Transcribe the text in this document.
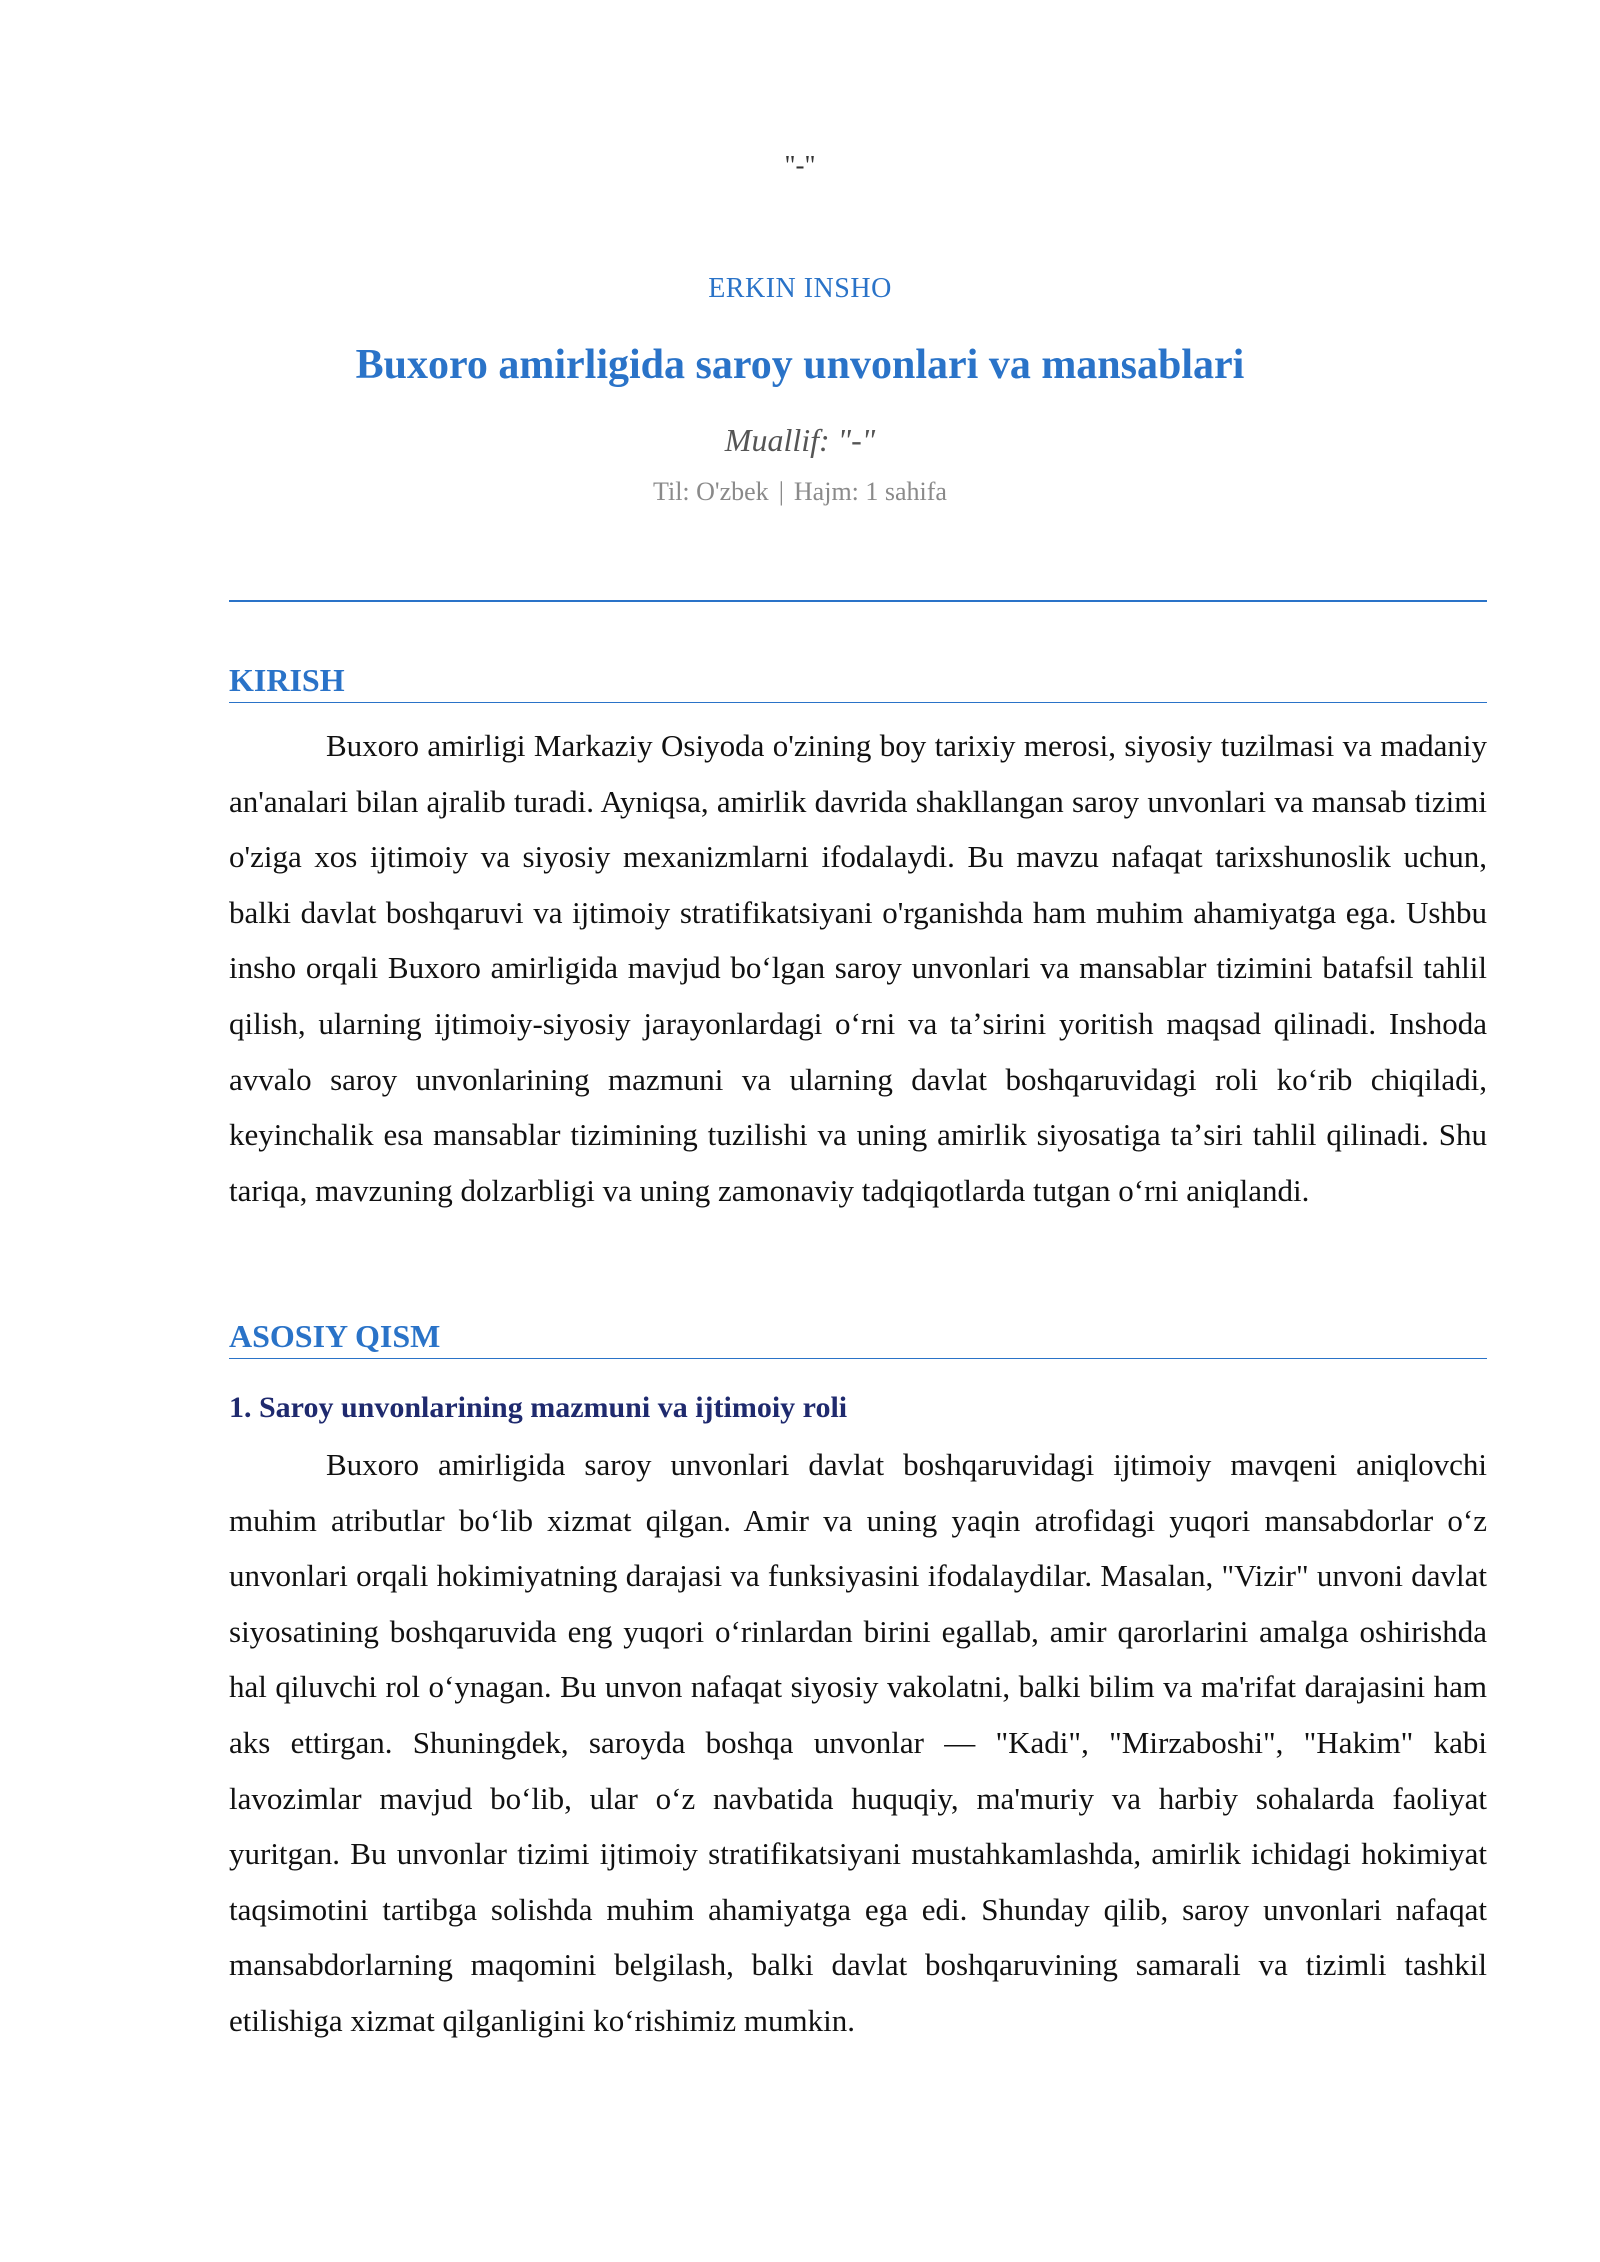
"-"
ERKIN INSHO
Buxoro amirligida saroy unvonlari va mansablari
Muallif: "-"
Til: O'zbek | Hajm: 1 sahifa
KIRISH

Buxoro amirligi Markaziy Osiyoda o'zining boy tarixiy merosi, siyosiy tuzilmasi va madaniy an'analari bilan ajralib turadi. Ayniqsa, amirlik davrida shakllangan saroy unvonlari va mansab tizimi o'ziga xos ijtimoiy va siyosiy mexanizmlarni ifodalaydi. Bu mavzu nafaqat tarixshunoslik uchun, balki davlat boshqaruvi va ijtimoiy stratifikatsiyani o'rganishda ham muhim ahamiyatga ega. Ushbu insho orqali Buxoro amirligida mavjud boʻlgan saroy unvonlari va mansablar tizimini batafsil tahlil qilish, ularning ijtimoiy-siyosiy jarayonlardagi oʻrni va taʼsirini yoritish maqsad qilinadi. Inshoda avvalo saroy unvonlarining mazmuni va ularning davlat boshqaruvidagi roli koʻrib chiqiladi, keyinchalik esa mansablar tizimining tuzilishi va uning amirlik siyosatiga taʼsiri tahlil qilinadi. Shu tariqa, mavzuning dolzarbligi va uning zamonaviy tadqiqotlarda tutgan oʻrni aniqlandi.

ASOSIY QISM
1. Saroy unvonlarining mazmuni va ijtimoiy roli

Buxoro amirligida saroy unvonlari davlat boshqaruvidagi ijtimoiy mavqeni aniqlovchi muhim atributlar boʻlib xizmat qilgan. Amir va uning yaqin atrofidagi yuqori mansabdorlar oʻz unvonlari orqali hokimiyatning darajasi va funksiyasini ifodalaydilar. Masalan, "Vizir" unvoni davlat siyosatining boshqaruvida eng yuqori oʻrinlardan birini egallab, amir qarorlarini amalga oshirishda hal qiluvchi rol oʻynagan. Bu unvon nafaqat siyosiy vakolatni, balki bilim va ma'rifat darajasini ham aks ettirgan. Shuningdek, saroyda boshqa unvonlar — "Kadi", "Mirzaboshi", "Hakim" kabi lavozimlar mavjud boʻlib, ular oʻz navbatida huquqiy, ma'muriy va harbiy sohalarda faoliyat yuritgan. Bu unvonlar tizimi ijtimoiy stratifikatsiyani mustahkamlashda, amirlik ichidagi hokimiyat taqsimotini tartibga solishda muhim ahamiyatga ega edi. Shunday qilib, saroy unvonlari nafaqat mansabdorlarning maqomini belgilash, balki davlat boshqaruvining samarali va tizimli tashkil etilishiga xizmat qilganligini koʻrishimiz mumkin.
